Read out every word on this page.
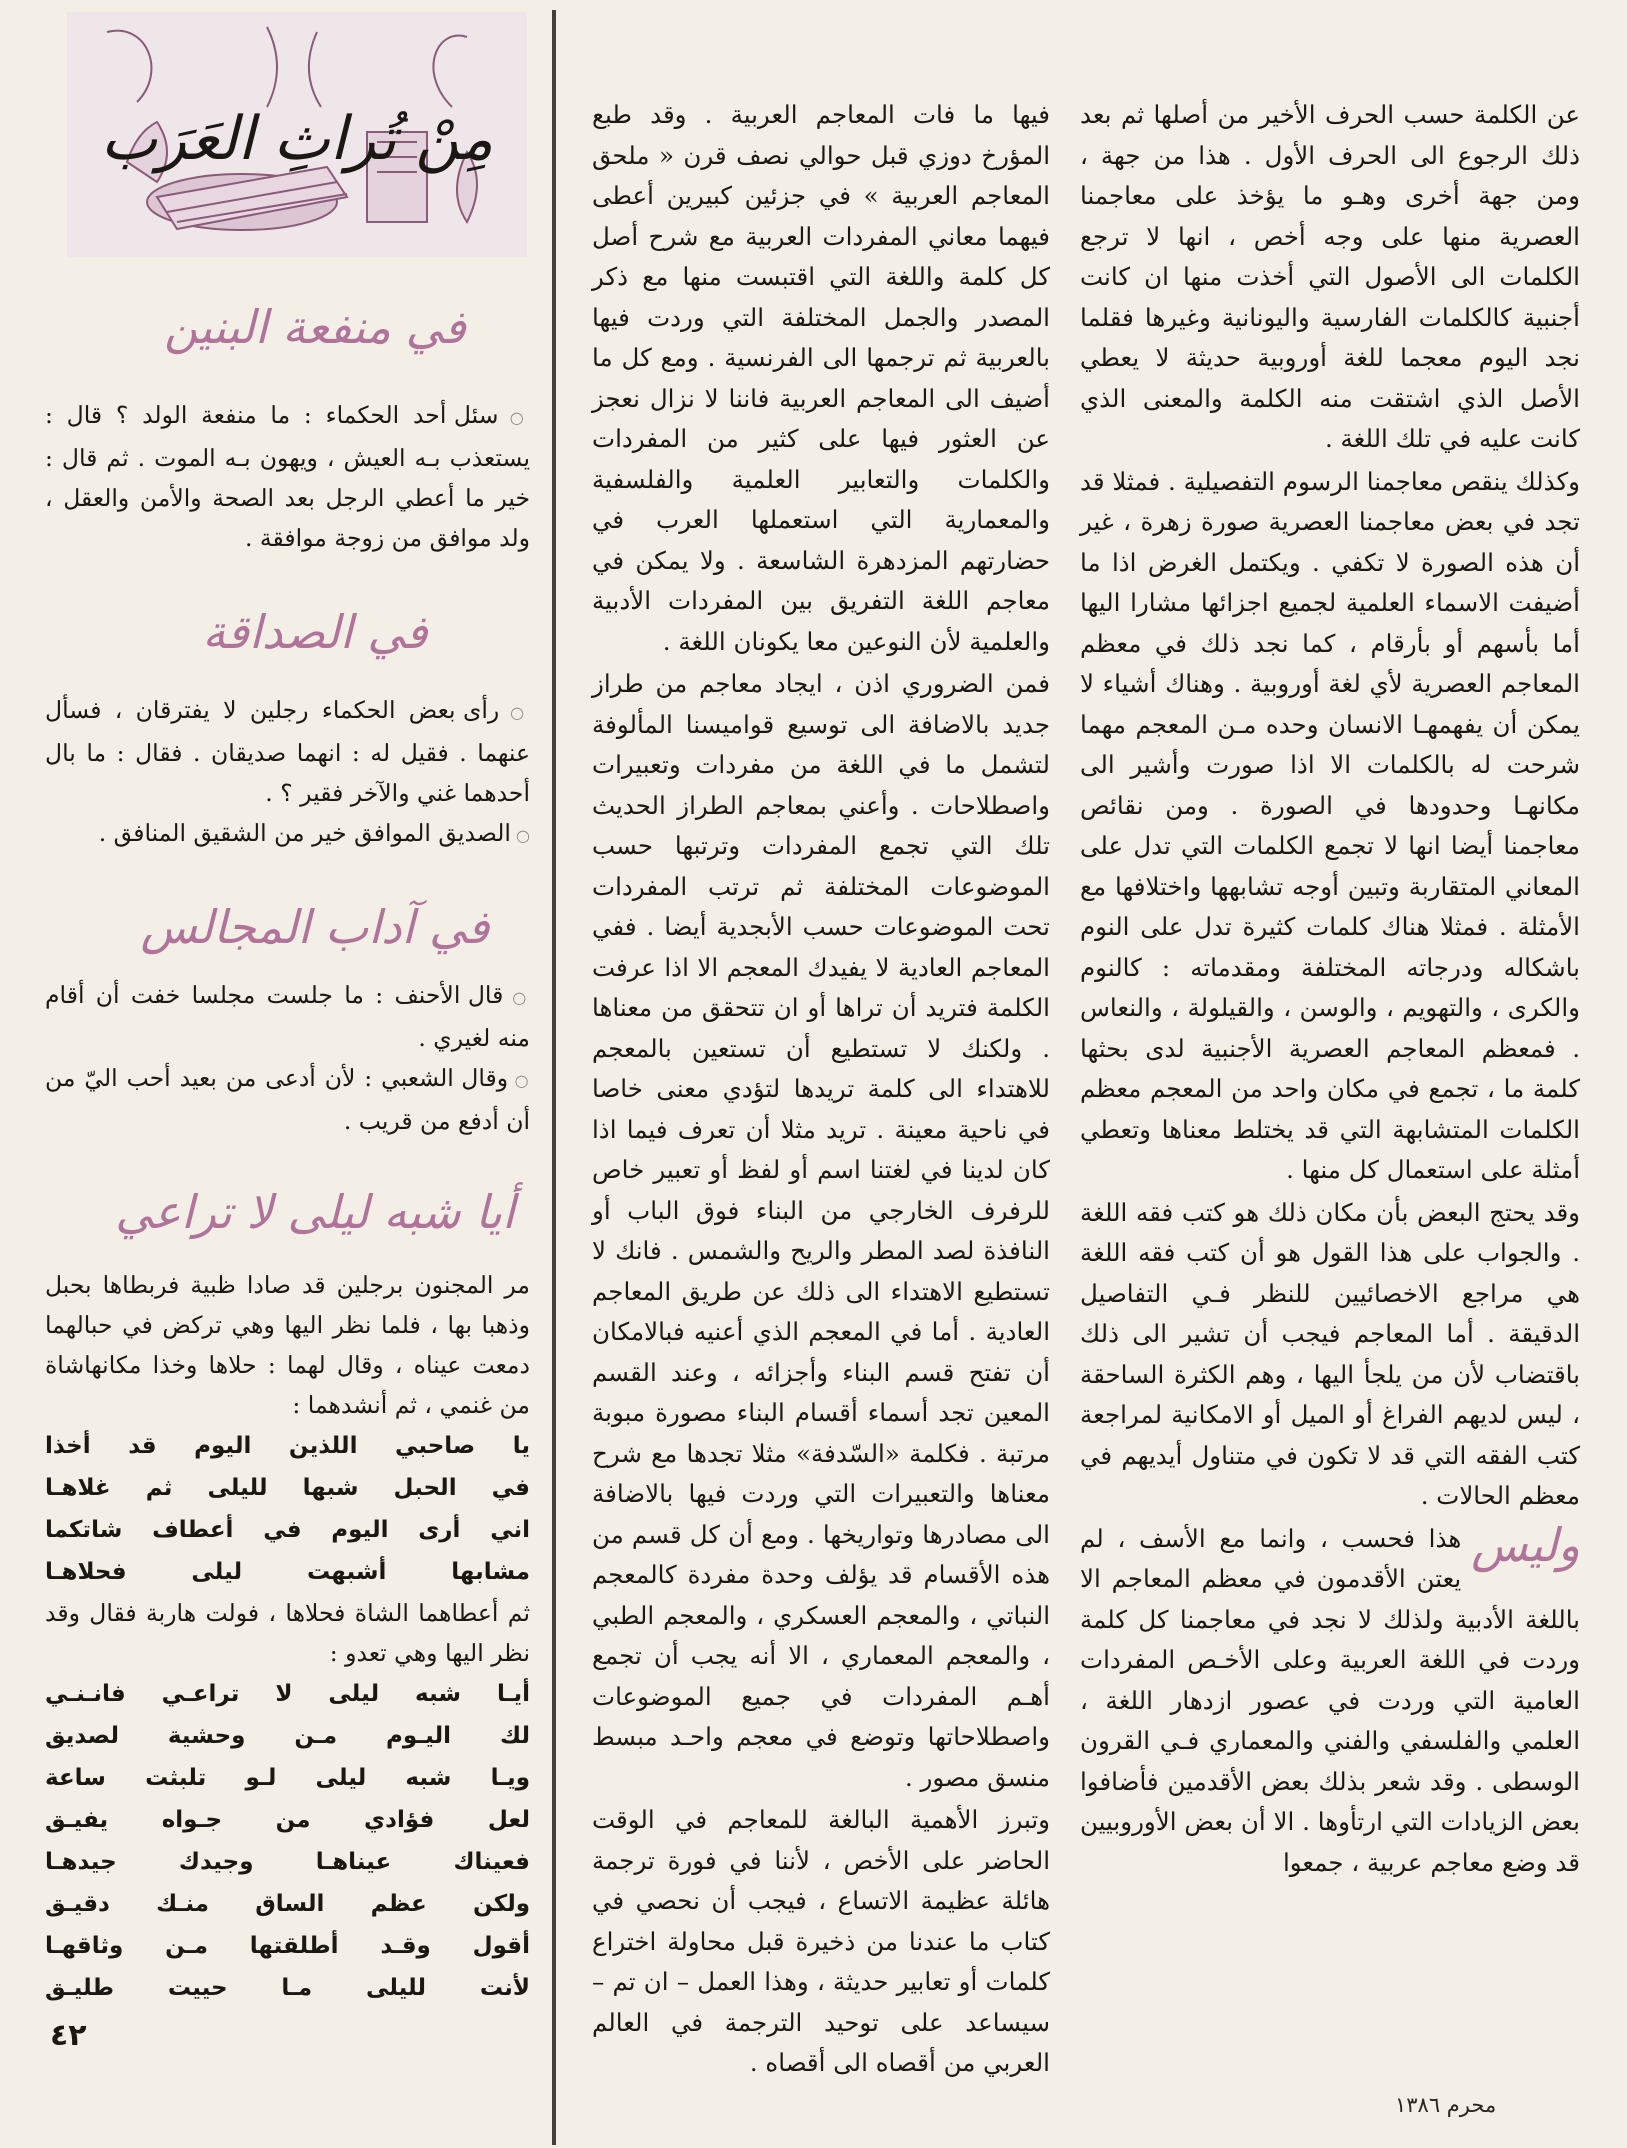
عن الكلمة حسب الحرف الأخير من أصلها ثم بعد ذلك الرجوع الى الحرف الأول . هذا من جهة ، ومن جهة أخرى وهـو ما يؤخذ على معاجمنا العصرية منها على وجه أخص ، انها لا ترجع الكلمات الى الأصول التي أخذت منها ان كانت أجنبية كالكلمات الفارسية واليونانية وغيرها فقلما نجد اليوم معجما للغة أوروبية حديثة لا يعطي الأصل الذي اشتقت منه الكلمة والمعنى الذي كانت عليه في تلك اللغة .

وكذلك ينقص معاجمنا الرسوم التفصيلية . فمثلا قد تجد في بعض معاجمنا العصرية صورة زهرة ، غير أن هذه الصورة لا تكفي . ويكتمل الغرض اذا ما أضيفت الاسماء العلمية لجميع اجزائها مشارا اليها أما بأسهم أو بأرقام ، كما نجد ذلك في معظم المعاجم العصرية لأي لغة أوروبية . وهناك أشياء لا يمكن أن يفهمهـا الانسان وحده مـن المعجم مهما شرحت له بالكلمات الا اذا صورت وأشير الى مكانهـا وحدودها في الصورة . ومن نقائص معاجمنا أيضا انها لا تجمع الكلمات التي تدل على المعاني المتقاربة وتبين أوجه تشابهها واختلافها مع الأمثلة . فمثلا هناك كلمات كثيرة تدل على النوم باشكاله ودرجاته المختلفة ومقدماته : كالنوم والكرى ، والتهويم ، والوسن ، والقيلولة ، والنعاس . فمعظم المعاجم العصرية الأجنبية لدى بحثها كلمة ما ، تجمع في مكان واحد من المعجم معظم الكلمات المتشابهة التي قد يختلط معناها وتعطي أمثلة على استعمال كل منها .

وقد يحتج البعض بأن مكان ذلك هو كتب فقه اللغة . والجواب على هذا القول هو أن كتب فقه اللغة هي مراجع الاخصائيين للنظر فـي التفاصيل الدقيقة . أما المعاجم فيجب أن تشير الى ذلك باقتضاب لأن من يلجأ اليها ، وهم الكثرة الساحقة ، ليس لديهم الفراغ أو الميل أو الامكانية لمراجعة كتب الفقه التي قد لا تكون في متناول أيديهم في معظم الحالات .

وليس
هذا فحسب ، وانما مع الأسف ، لم يعتن الأقدمون في معظم المعاجم الا باللغة الأدبية ولذلك لا نجد في معاجمنا كل كلمة وردت في اللغة العربية وعلى الأخـص المفردات العامية التي وردت في عصور ازدهار اللغة ، العلمي والفلسفي والفني والمعماري فـي القرون الوسطى . وقد شعر بذلك بعض الأقدمين فأضافوا بعض الزيادات التي ارتأوها . الا أن بعض الأوروبيين قد وضع معاجم عربية ، جمعوا

فيها ما فات المعاجم العربية . وقد طبع المؤرخ دوزي قبل حوالي نصف قرن « ملحق المعاجم العربية » في جزئين كبيرين أعطى فيهما معاني المفردات العربية مع شرح أصل كل كلمة واللغة التي اقتبست منها مع ذكر المصدر والجمل المختلفة التي وردت فيها بالعربية ثم ترجمها الى الفرنسية . ومع كل ما أضيف الى المعاجم العربية فاننا لا نزال نعجز عن العثور فيها على كثير من المفردات والكلمات والتعابير العلمية والفلسفية والمعمارية التي استعملها العرب في حضارتهم المزدهرة الشاسعة . ولا يمكن في معاجم اللغة التفريق بين المفردات الأدبية والعلمية لأن النوعين معا يكونان اللغة .

فمن الضروري اذن ، ايجاد معاجم من طراز جديد بالاضافة الى توسيع قواميسنا المألوفة لتشمل ما في اللغة من مفردات وتعبيرات واصطلاحات . وأعني بمعاجم الطراز الحديث تلك التي تجمع المفردات وترتبها حسب الموضوعات المختلفة ثم ترتب المفردات تحت الموضوعات حسب الأبجدية أيضا . ففي المعاجم العادية لا يفيدك المعجم الا اذا عرفت الكلمة فتريد أن تراها أو ان تتحقق من معناها . ولكنك لا تستطيع أن تستعين بالمعجم للاهتداء الى كلمة تريدها لتؤدي معنى خاصا في ناحية معينة . تريد مثلا أن تعرف فيما اذا كان لدينا في لغتنا اسم أو لفظ أو تعبير خاص للرفرف الخارجي من البناء فوق الباب أو النافذة لصد المطر والريح والشمس . فانك لا تستطيع الاهتداء الى ذلك عن طريق المعاجم العادية . أما في المعجم الذي أعنيه فبالامكان أن تفتح قسم البناء وأجزائه ، وعند القسم المعين تجد أسماء أقسام البناء مصورة مبوبة مرتبة . فكلمة «السّدفة» مثلا تجدها مع شرح معناها والتعبيرات التي وردت فيها بالاضافة الى مصادرها وتواريخها . ومع أن كل قسم من هذه الأقسام قد يؤلف وحدة مفردة كالمعجم النباتي ، والمعجم العسكري ، والمعجم الطبي ، والمعجم المعماري ، الا أنه يجب أن تجمع أهـم المفردات في جميع الموضوعات واصطلاحاتها وتوضع في معجم واحـد مبسط منسق مصور .

وتبرز الأهمية البالغة للمعاجم في الوقت الحاضر على الأخص ، لأننا في فورة ترجمة هائلة عظيمة الاتساع ، فيجب أن نحصي في كتاب ما عندنا من ذخيرة قبل محاولة اختراع كلمات أو تعابير حديثة ، وهذا العمل – ان تم – سيساعد على توحيد الترجمة في العالم العربي من أقصاه الى أقصاه .

مِنْ تُراثِ العَرَب
في منفعة البنين

○ سئل أحد الحكماء : ما منفعة الولد ؟ قال : يستعذب بـه العيش ، ويهون بـه الموت . ثم قال : خير ما أعطي الرجل بعد الصحة والأمن والعقل ، ولد موافق من زوجة موافقة .

في الصداقة

○ رأى بعض الحكماء رجلين لا يفترقان ، فسأل عنهما . فقيل له : انهما صديقان . فقال : ما بال أحدهما غني والآخر فقير ؟ .

○ الصديق الموافق خير من الشقيق المنافق .

في آداب المجالس

○ قال الأحنف : ما جلست مجلسا خفت أن أقام منه لغيري .

○ وقال الشعبي : لأن أدعى من بعيد أحب اليّ من أن أدفع من قريب .

أيا شبه ليلى لا تراعي

مر المجنون برجلين قد صادا ظبية فربطاها بحبل وذهبا بها ، فلما نظر اليها وهي تركض في حبالهما دمعت عيناه ، وقال لهما : حلاها وخذا مكانهاشاة من غنمي ، ثم أنشدهما :

يا صاحبي اللذين اليوم قد أخذا

في الحبل شبها لليلى ثم غلاهـا

اني أرى اليوم في أعطاف شاتكما

مشابها أشبهت ليلى فحلاهـا

ثم أعطاهما الشاة فحلاها ، فولت هاربة فقال وقد نظر اليها وهي تعدو :

أيـا شبه ليلى لا تراعـي فانـنـي

لك اليـوم مـن وحشية لصديق

ويـا شبه ليلى لـو تلبثت ساعة

لعل فؤادي من جـواه يفيـق

فعيناك عيناهـا وجيدك جيدهـا

ولكن عظم الساق منـك دقيـق

أقول وقـد أطلقتها مـن وثاقهـا

لأنت لليلى مـا حييت طليـق

٤٢
محرم ١٣٨٦
